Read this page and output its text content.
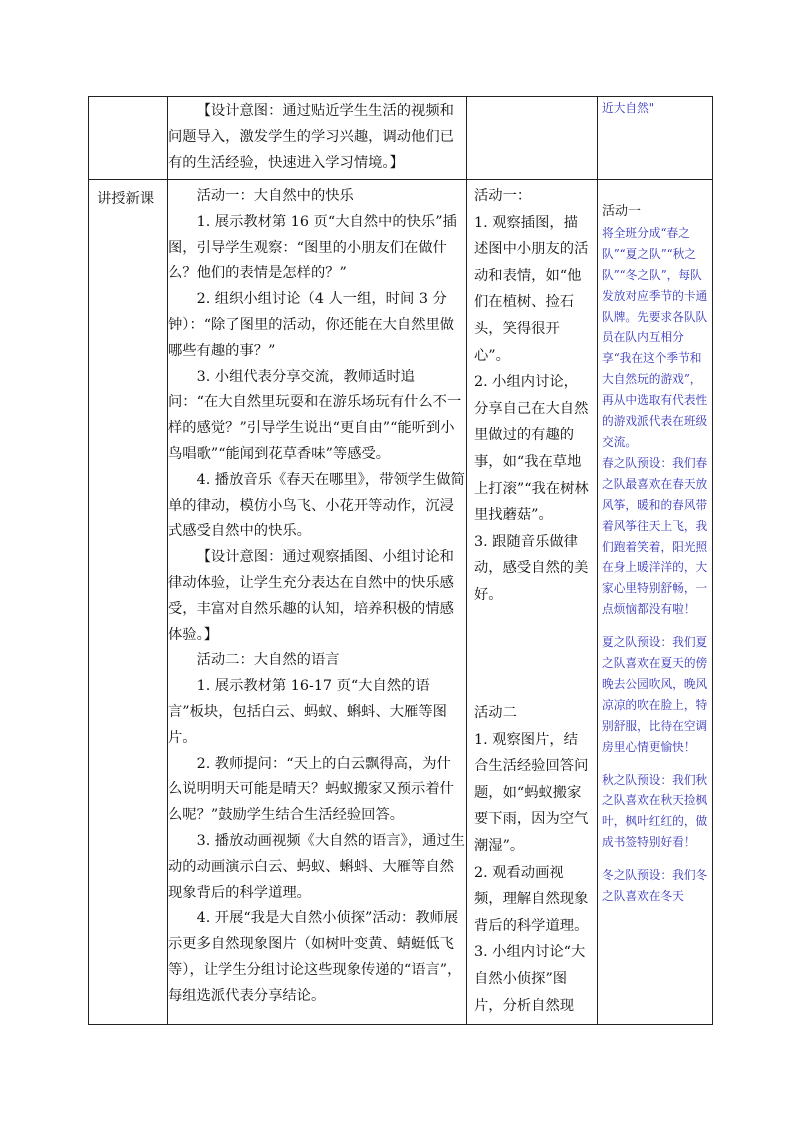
【设计意图：通过贴近学生生活的视频和问题导入，激发学生的学习兴趣，调动他们已有的生活经验，快速进入学习情境。】

近大自然"

讲授新课	活动一：大自然中的快乐

1. 展示教材第 16 页“大自然中的快乐”插图，引导学生观察：“图里的小朋友们在做什么？他们的表情是怎样的？”

2. 组织小组讨论（4 人一组，时间 3 分钟）：“除了图里的活动，你还能在大自然里做哪些有趣的事？”

3. 小组代表分享交流，教师适时追问：“在大自然里玩耍和在游乐场玩有什么不一样的感觉？”引导学生说出“更自由”“能听到小鸟唱歌”“能闻到花草香味”等感受。

4. 播放音乐《春天在哪里》，带领学生做简单的律动，模仿小鸟飞、小花开等动作，沉浸式感受自然中的快乐。

【设计意图：通过观察插图、小组讨论和律动体验，让学生充分表达在自然中的快乐感受，丰富对自然乐趣的认知，培养积极的情感体验。】

活动二：大自然的语言

1. 展示教材第 16-17 页“大自然的语言”板块，包括白云、蚂蚁、蝌蚪、大雁等图片。

2. 教师提问：“天上的白云飘得高，为什么说明明天可能是晴天？蚂蚁搬家又预示着什么呢？”鼓励学生结合生活经验回答。

3. 播放动画视频《大自然的语言》，通过生动的动画演示白云、蚂蚁、蝌蚪、大雁等自然现象背后的科学道理。

4. 开展“我是大自然小侦探”活动：教师展示更多自然现象图片（如树叶变黄、蜻蜓低飞等），让学生分组讨论这些现象传递的“语言”，每组选派代表分享结论。

活动一：

1. 观察插图，描述图中小朋友的活动和表情，如“他们在植树、捡石头，笑得很开心”。

2. 小组内讨论，分享自己在大自然里做过的有趣的事，如“我在草地上打滚”“我在树林里找蘑菇”。

3. 跟随音乐做律动，感受自然的美好。

活动二

1. 观察图片，结合生活经验回答问题，如“蚂蚁搬家要下雨，因为空气潮湿”。

2. 观看动画视频，理解自然现象背后的科学道理。

3. 小组内讨论“大自然小侦探”图片，分析自然现

活动一

将全班分成“春之队”“夏之队”“秋之队”“冬之队”，每队发放对应季节的卡通队牌。先要求各队队员在队内互相分享“我在这个季节和大自然玩的游戏”，再从中选取有代表性的游戏派代表在班级交流。

春之队预设：我们春之队最喜欢在春天放风筝，暖和的春风带着风筝往天上飞，我们跑着笑着，阳光照在身上暖洋洋的，大家心里特别舒畅，一点烦恼都没有啦！

夏之队预设：我们夏之队喜欢在夏天的傍晚去公园吹风，晚风凉凉的吹在脸上，特别舒服，比待在空调房里心情更愉快！

秋之队预设：我们秋之队喜欢在秋天捡枫叶，枫叶红红的，做成书签特别好看！

冬之队预设：我们冬之队喜欢在冬天
